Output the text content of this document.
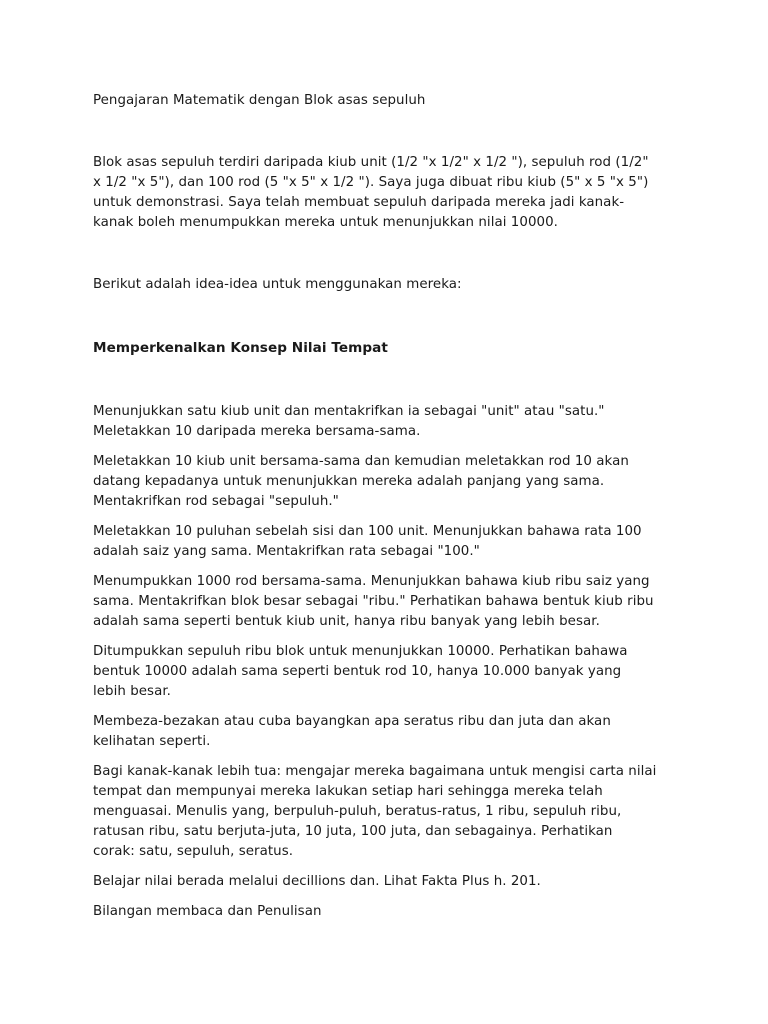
Pengajaran Matematik dengan Blok asas sepuluh

Blok asas sepuluh terdiri daripada kiub unit (1/2 "x 1/2" x 1/2 "), sepuluh rod (1/2"
x 1/2 "x 5"), dan 100 rod (5 "x 5" x 1/2 "). Saya juga dibuat ribu kiub (5" x 5 "x 5")
untuk demonstrasi. Saya telah membuat sepuluh daripada mereka jadi kanak-
kanak boleh menumpukkan mereka untuk menunjukkan nilai 10000.

Berikut adalah idea-idea untuk menggunakan mereka:

Memperkenalkan Konsep Nilai Tempat

Menunjukkan satu kiub unit dan mentakrifkan ia sebagai "unit" atau "satu."
Meletakkan 10 daripada mereka bersama-sama.

Meletakkan 10 kiub unit bersama-sama dan kemudian meletakkan rod 10 akan
datang kepadanya untuk menunjukkan mereka adalah panjang yang sama.
Mentakrifkan rod sebagai "sepuluh."

Meletakkan 10 puluhan sebelah sisi dan 100 unit. Menunjukkan bahawa rata 100
adalah saiz yang sama. Mentakrifkan rata sebagai "100."

Menumpukkan 1000 rod bersama-sama. Menunjukkan bahawa kiub ribu saiz yang
sama. Mentakrifkan blok besar sebagai "ribu." Perhatikan bahawa bentuk kiub ribu
adalah sama seperti bentuk kiub unit, hanya ribu banyak yang lebih besar.

Ditumpukkan sepuluh ribu blok untuk menunjukkan 10000. Perhatikan bahawa
bentuk 10000 adalah sama seperti bentuk rod 10, hanya 10.000 banyak yang
lebih besar.

Membeza-bezakan atau cuba bayangkan apa seratus ribu dan juta dan akan
kelihatan seperti.

Bagi kanak-kanak lebih tua: mengajar mereka bagaimana untuk mengisi carta nilai
tempat dan mempunyai mereka lakukan setiap hari sehingga mereka telah
menguasai. Menulis yang, berpuluh-puluh, beratus-ratus, 1 ribu, sepuluh ribu,
ratusan ribu, satu berjuta-juta, 10 juta, 100 juta, dan sebagainya. Perhatikan
corak: satu, sepuluh, seratus.

Belajar nilai berada melalui decillions dan. Lihat Fakta Plus h. 201.

Bilangan membaca dan Penulisan
